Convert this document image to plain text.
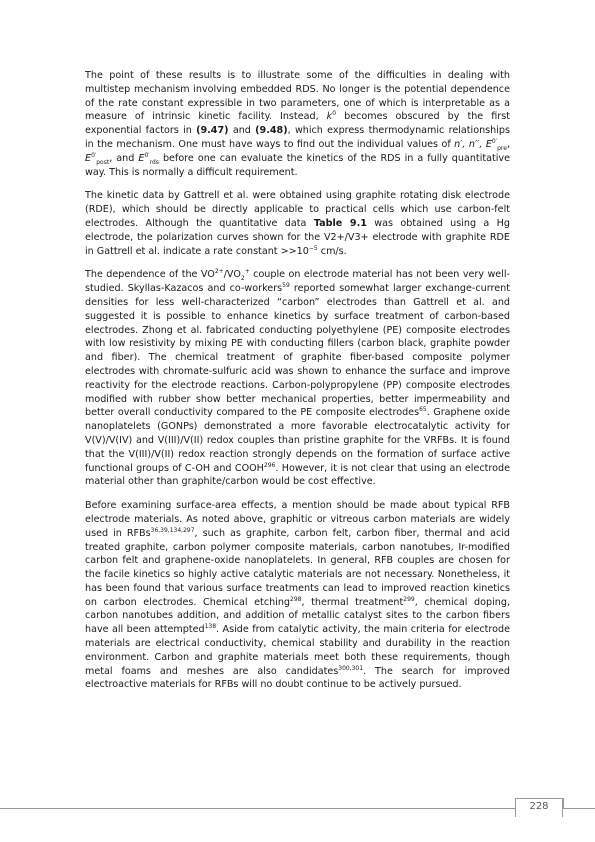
The point of these results is to illustrate some of the difficulties in dealing with multistep mechanism involving embedded RDS. No longer is the potential dependence of the rate constant expressible in two parameters, one of which is interpretable as a measure of intrinsic kinetic facility. Instead, $k^0$ becomes obscured by the first exponential factors in (9.47) and (9.48), which express thermodynamic relationships in the mechanism. One must have ways to find out the individual values of n′, n′′, $E^{0'}_{pre}$, $E^{0'}_{post}$, and $E^{0'}_{rds}$ before one can evaluate the kinetics of the RDS in a fully quantitative way. This is normally a difficult requirement.

The kinetic data by Gattrell et al. were obtained using graphite rotating disk electrode (RDE), which should be directly applicable to practical cells which use carbon-felt electrodes. Although the quantitative data Table 9.1 was obtained using a Hg electrode, the polarization curves shown for the V2+/V3+ electrode with graphite RDE in Gattrell et al. indicate a rate constant $>>10^{-5}$ cm/s.

The dependence of the $VO^{2+}/VO_2^+$ couple on electrode material has not been very well-studied. Skyllas-Kazacos and co-workers$^{59}$ reported somewhat larger exchange-current densities for less well-characterized “carbon” electrodes than Gattrell et al. and suggested it is possible to enhance kinetics by surface treatment of carbon-based electrodes. Zhong et al. fabricated conducting polyethylene (PE) composite electrodes with low resistivity by mixing PE with conducting fillers (carbon black, graphite powder and fiber). The chemical treatment of graphite fiber-based composite polymer electrodes with chromate-sulfuric acid was shown to enhance the surface and improve reactivity for the electrode reactions. Carbon-polypropylene (PP) composite electrodes modified with rubber show better mechanical properties, better impermeability and better overall conductivity compared to the PE composite electrodes$^{65}$. Graphene oxide nanoplatelets (GONPs) demonstrated a more favorable electrocatalytic activity for V(V)/V(IV) and V(III)/V(II) redox couples than pristine graphite for the VRFBs. It is found that the V(III)/V(II) redox reaction strongly depends on the formation of surface active functional groups of C-OH and COOH$^{296}$. However, it is not clear that using an electrode material other than graphite/carbon would be cost effective.

Before examining surface-area effects, a mention should be made about typical RFB electrode materials. As noted above, graphitic or vitreous carbon materials are widely used in RFBs$^{36,39,134,297}$, such as graphite, carbon felt, carbon fiber, thermal and acid treated graphite, carbon polymer composite materials, carbon nanotubes, Ir-modified carbon felt and graphene-oxide nanoplatelets. In general, RFB couples are chosen for the facile kinetics so highly active catalytic materials are not necessary. Nonetheless, it has been found that various surface treatments can lead to improved reaction kinetics on carbon electrodes. Chemical etching$^{298}$, thermal treatment$^{299}$, chemical doping, carbon nanotubes addition, and addition of metallic catalyst sites to the carbon fibers have all been attempted$^{138}$. Aside from catalytic activity, the main criteria for electrode materials are electrical conductivity, chemical stability and durability in the reaction environment. Carbon and graphite materials meet both these requirements, though metal foams and meshes are also candidates$^{300,301}$. The search for improved electroactive materials for RFBs will no doubt continue to be actively pursued.

228
